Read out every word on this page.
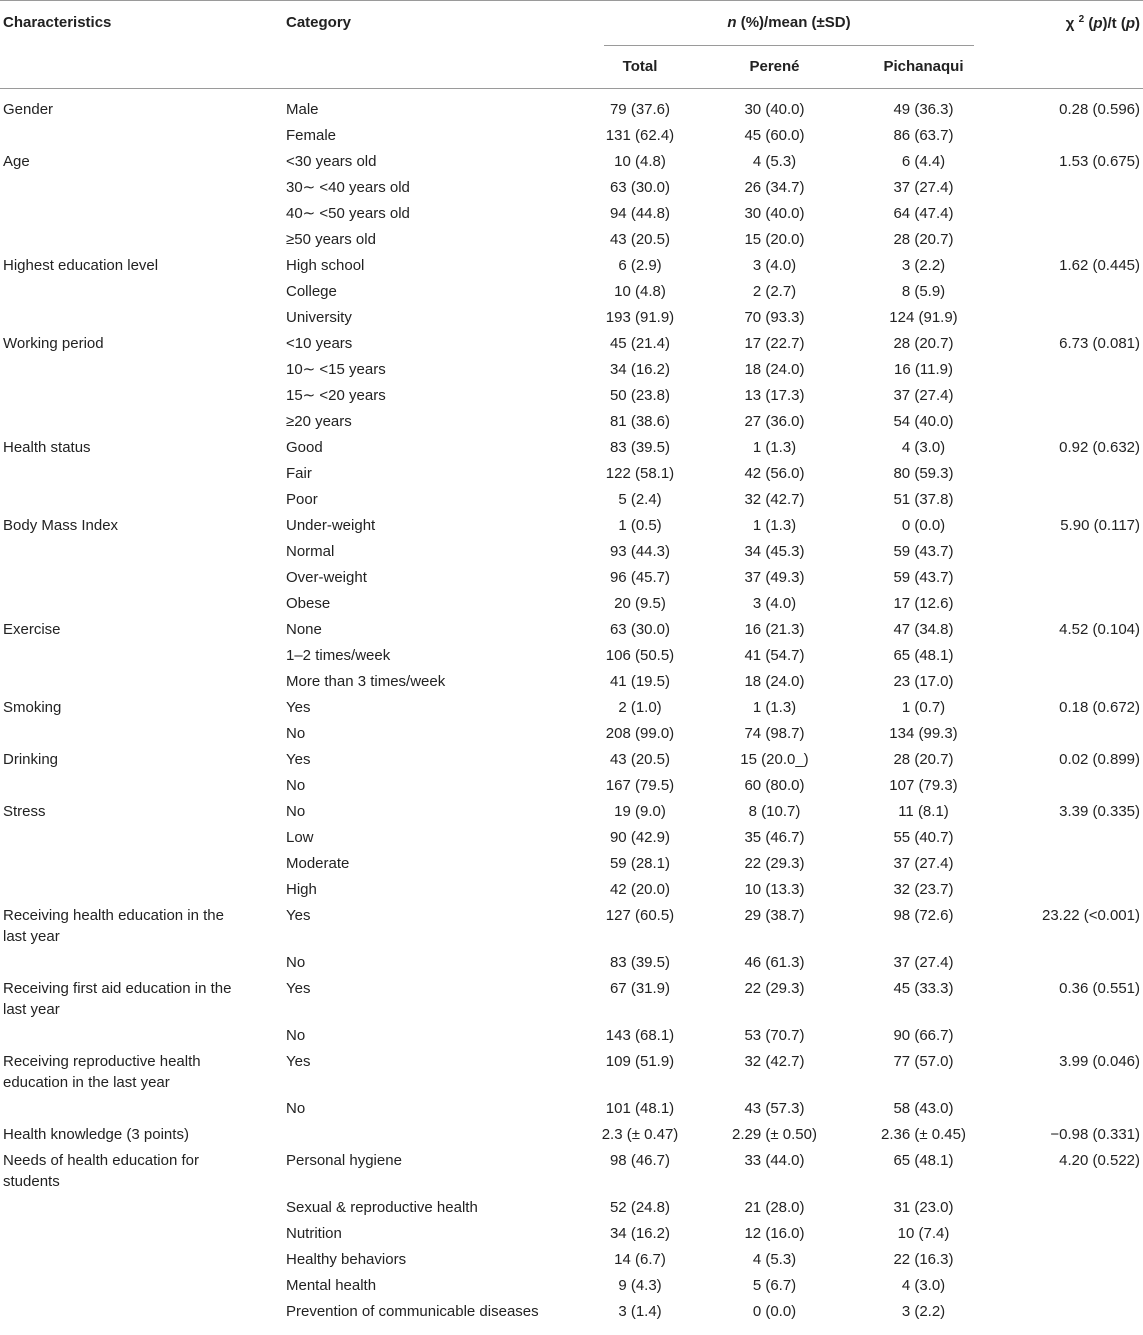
Characteristics	Category	n (%)/mean (±SD)			χ $^2$ (p)/t (p)
		Total	Perené	Pichanaqui	
Gender	Male	79 (37.6)	30 (40.0)	49 (36.3)	0.28 (0.596)
	Female	131 (62.4)	45 (60.0)	86 (63.7)	
Age	<30 years old	10 (4.8)	4 (5.3)	6 (4.4)	1.53 (0.675)
	30∼ <40 years old	63 (30.0)	26 (34.7)	37 (27.4)	
	40∼ <50 years old	94 (44.8)	30 (40.0)	64 (47.4)	
	≥50 years old	43 (20.5)	15 (20.0)	28 (20.7)	
Highest education level	High school	6 (2.9)	3 (4.0)	3 (2.2)	1.62 (0.445)
	College	10 (4.8)	2 (2.7)	8 (5.9)	
	University	193 (91.9)	70 (93.3)	124 (91.9)	
Working period	<10 years	45 (21.4)	17 (22.7)	28 (20.7)	6.73 (0.081)
	10∼ <15 years	34 (16.2)	18 (24.0)	16 (11.9)	
	15∼ <20 years	50 (23.8)	13 (17.3)	37 (27.4)	
	≥20 years	81 (38.6)	27 (36.0)	54 (40.0)	
Health status	Good	83 (39.5)	1 (1.3)	4 (3.0)	0.92 (0.632)
	Fair	122 (58.1)	42 (56.0)	80 (59.3)	
	Poor	5 (2.4)	32 (42.7)	51 (37.8)	
Body Mass Index	Under-weight	1 (0.5)	1 (1.3)	0 (0.0)	5.90 (0.117)
	Normal	93 (44.3)	34 (45.3)	59 (43.7)	
	Over-weight	96 (45.7)	37 (49.3)	59 (43.7)	
	Obese	20 (9.5)	3 (4.0)	17 (12.6)	
Exercise	None	63 (30.0)	16 (21.3)	47 (34.8)	4.52 (0.104)
	1–2 times/week	106 (50.5)	41 (54.7)	65 (48.1)	
	More than 3 times/week	41 (19.5)	18 (24.0)	23 (17.0)	
Smoking	Yes	2 (1.0)	1 (1.3)	1 (0.7)	0.18 (0.672)
	No	208 (99.0)	74 (98.7)	134 (99.3)	
Drinking	Yes	43 (20.5)	15 (20.0_)	28 (20.7)	0.02 (0.899)
	No	167 (79.5)	60 (80.0)	107 (79.3)	
Stress	No	19 (9.0)	8 (10.7)	11 (8.1)	3.39 (0.335)
	Low	90 (42.9)	35 (46.7)	55 (40.7)	
	Moderate	59 (28.1)	22 (29.3)	37 (27.4)	
	High	42 (20.0)	10 (13.3)	32 (23.7)	
Receiving health education in the last year	Yes	127 (60.5)	29 (38.7)	98 (72.6)	23.22 (<0.001)
	No	83 (39.5)	46 (61.3)	37 (27.4)	
Receiving first aid education in the last year	Yes	67 (31.9)	22 (29.3)	45 (33.3)	0.36 (0.551)
	No	143 (68.1)	53 (70.7)	90 (66.7)	
Receiving reproductive health education in the last year	Yes	109 (51.9)	32 (42.7)	77 (57.0)	3.99 (0.046)
	No	101 (48.1)	43 (57.3)	58 (43.0)	
Health knowledge (3 points)		2.3 (± 0.47)	2.29 (± 0.50)	2.36 (± 0.45)	−0.98 (0.331)
Needs of health education for students	Personal hygiene	98 (46.7)	33 (44.0)	65 (48.1)	4.20 (0.522)
	Sexual & reproductive health	52 (24.8)	21 (28.0)	31 (23.0)	
	Nutrition	34 (16.2)	12 (16.0)	10 (7.4)	
	Healthy behaviors	14 (6.7)	4 (5.3)	22 (16.3)	
	Mental health	9 (4.3)	5 (6.7)	4 (3.0)	
	Prevention of communicable diseases	3 (1.4)	0 (0.0)	3 (2.2)	
